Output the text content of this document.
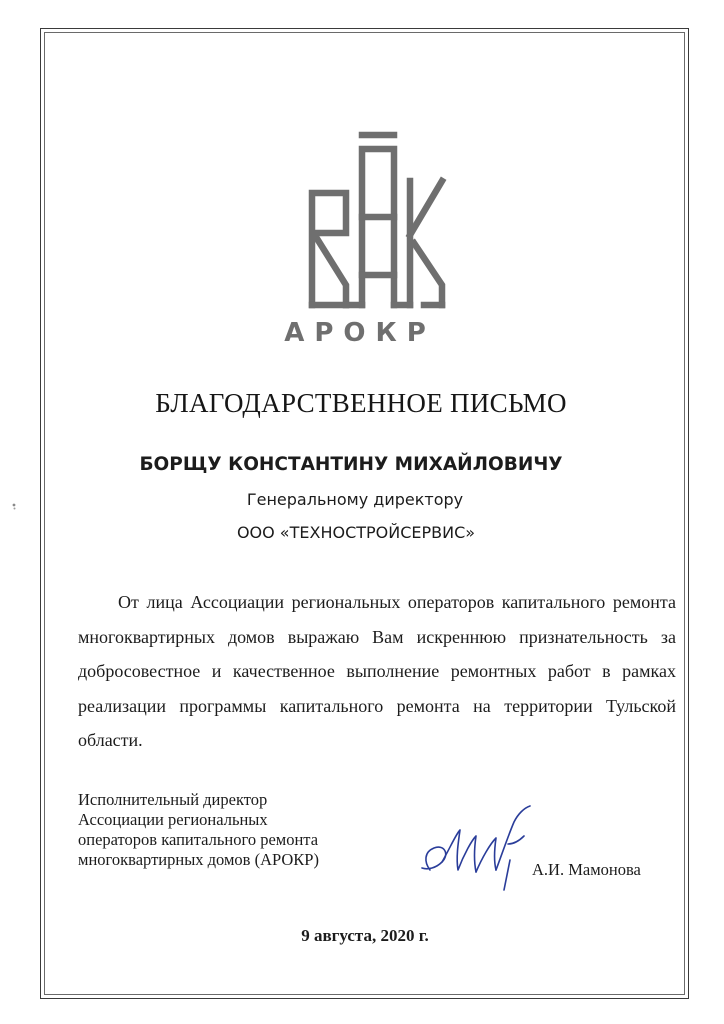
АРОКР
БЛАГОДАРСТВЕННОЕ ПИСЬМО
БОРЩУ КОНСТАНТИНУ МИХАЙЛОВИЧУ
Генеральному директору
ООО «ТЕХНОСТРОЙСЕРВИС»
От лица Ассоциации региональных операторов капитального ремонта многоквартирных домов выражаю Вам искреннюю признательность за добросовестное и качественное выполнение ремонтных работ в рамках реализации программы капитального ремонта на территории Тульской области.
Исполнительный директор
Ассоциации региональных
операторов капитального ремонта
многоквартирных домов (АРОКР)
А.И. Мамонова
9 августа, 2020 г.
